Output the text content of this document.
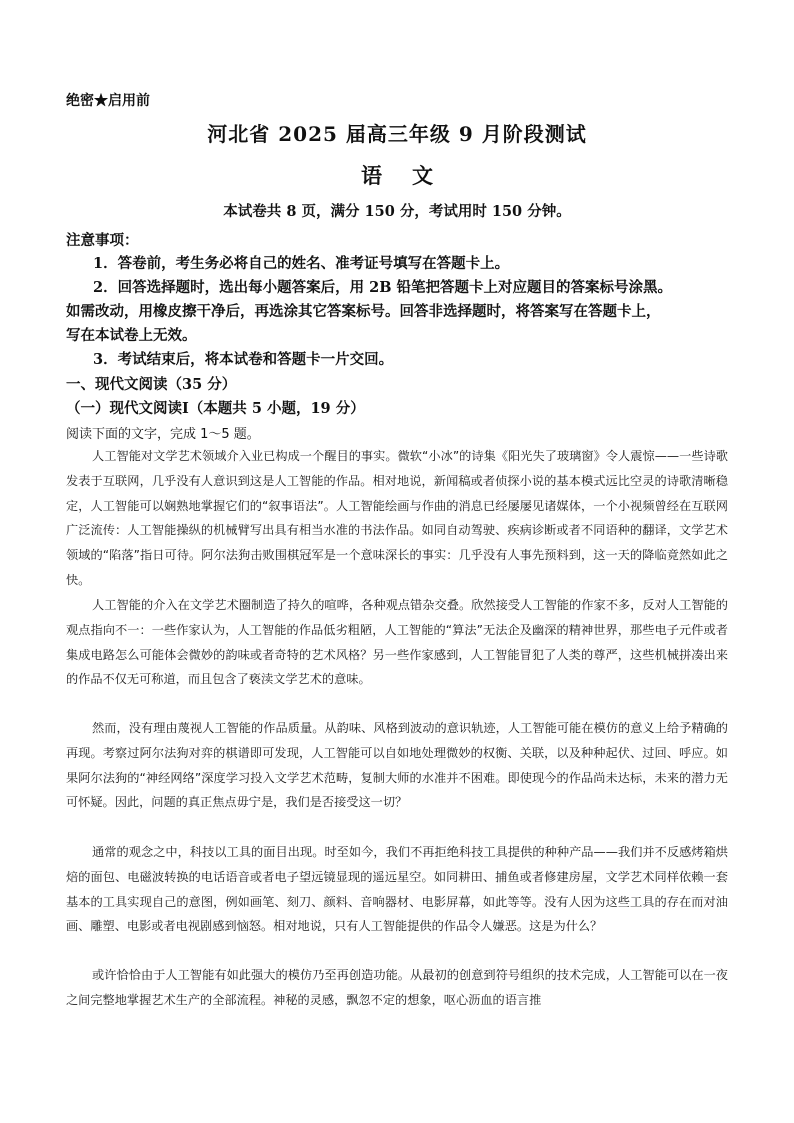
绝密★启用前
河北省 2025 届高三年级 9 月阶段测试
语 文
本试卷共 8 页，满分 150 分，考试用时 150 分钟。
注意事项：
1．答卷前，考生务必将自己的姓名、准考证号填写在答题卡上。
2．回答选择题时，选出每小题答案后，用 2B 铅笔把答题卡上对应题目的答案标号涂黑。
如需改动，用橡皮擦干净后，再选涂其它答案标号。回答非选择题时，将答案写在答题卡上，
写在本试卷上无效。
3．考试结束后，将本试卷和答题卡一片交回。
一、现代文阅读（35 分）
（一）现代文阅读Ⅰ（本题共 5 小题，19 分）
阅读下面的文字，完成 1～5 题。

人工智能对文学艺术领域介入业已构成一个醒目的事实。微软“小冰”的诗集《阳光失了玻璃窗》令人震惊——一些诗歌发表于互联网，几乎没有人意识到这是人工智能的作品。相对地说，新闻稿或者侦探小说的基本模式远比空灵的诗歌清晰稳定，人工智能可以娴熟地掌握它们的“叙事语法”。人工智能绘画与作曲的消息已经屡屡见诸媒体，一个小视频曾经在互联网广泛流传：人工智能操纵的机械臂写出具有相当水准的书法作品。如同自动驾驶、疾病诊断或者不同语种的翻译，文学艺术领域的“陷落”指日可待。阿尔法狗击败围棋冠军是一个意味深长的事实：几乎没有人事先预料到，这一天的降临竟然如此之快。

人工智能的介入在文学艺术圈制造了持久的喧哗，各种观点错杂交叠。欣然接受人工智能的作家不多，反对人工智能的观点指向不一：一些作家认为，人工智能的作品低劣粗陋，人工智能的“算法”无法企及幽深的精神世界，那些电子元件或者集成电路怎么可能体会微妙的韵味或者奇特的艺术风格？另一些作家感到，人工智能冒犯了人类的尊严，这些机械拼凑出来的作品不仅无可称道，而且包含了亵渎文学艺术的意味。

然而，没有理由蔑视人工智能的作品质量。从韵味、风格到波动的意识轨迹，人工智能可能在模仿的意义上给予精确的再现。考察过阿尔法狗对弈的棋谱即可发现，人工智能可以自如地处理微妙的权衡、关联，以及种种起伏、过回、呼应。如果阿尔法狗的“神经网络”深度学习投入文学艺术范畴，复制大师的水准并不困难。即使现今的作品尚未达标，未来的潜力无可怀疑。因此，问题的真正焦点毋宁是，我们是否接受这一切？

通常的观念之中，科技以工具的面目出现。时至如今，我们不再拒绝科技工具提供的种种产品——我们并不反感烤箱烘焙的面包、电磁波转换的电话语音或者电子望远镜显现的遥远星空。如同耕田、捕鱼或者修建房屋，文学艺术同样依赖一套基本的工具实现自己的意图，例如画笔、刻刀、颜料、音响器材、电影屏幕，如此等等。没有人因为这些工具的存在而对油画、雕塑、电影或者电视剧感到恼怒。相对地说，只有人工智能提供的作品令人嫌恶。这是为什么？

或许恰恰由于人工智能有如此强大的模仿乃至再创造功能。从最初的创意到符号组织的技术完成，人工智能可以在一夜之间完整地掌握艺术生产的全部流程。神秘的灵感，飘忽不定的想象，呕心沥血的语言推
